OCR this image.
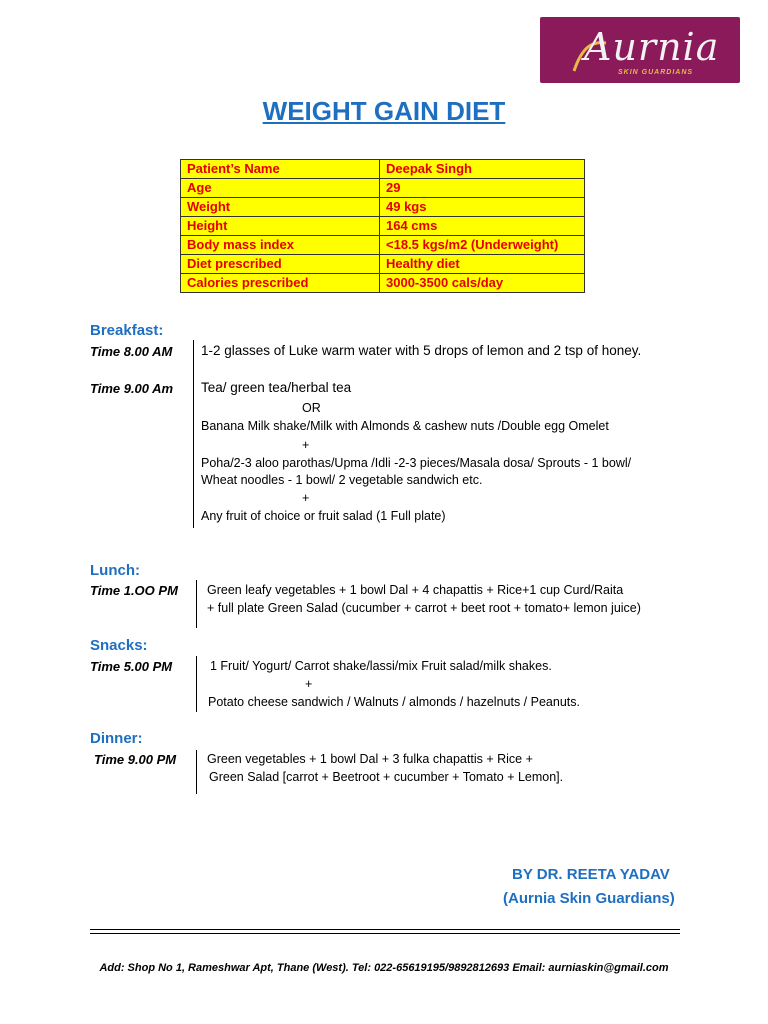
Aurnia
SKIN GUARDIANS
WEIGHT GAIN DIET
Patient’s Name	Deepak Singh
Age	29
Weight	49 kgs
Height	164 cms
Body mass index	<18.5 kgs/m2 (Underweight)
Diet prescribed	Healthy diet
Calories prescribed	3000-3500 cals/day
Breakfast:
Time 8.00 AM 1-2 glasses of Luke warm water with 5 drops of lemon and 2 tsp of honey.
Time 9.00 Am Tea/ green tea/herbal tea
OR
Banana Milk shake/Milk with Almonds & cashew nuts /Double egg Omelet
+
Poha/2-3 aloo parothas/Upma /Idli -2-3 pieces/Masala dosa/ Sprouts - 1 bowl/
Wheat noodles - 1 bowl/ 2 vegetable sandwich etc.
+
Any fruit of choice or fruit salad (1 Full plate)
Lunch:
Time 1.OO PM Green leafy vegetables + 1 bowl Dal + 4 chapattis + Rice+1 cup Curd/Raita
+ full plate Green Salad (cucumber + carrot + beet root + tomato+ lemon juice)
Snacks:
Time 5.00 PM	1 Fruit/ Yogurt/ Carrot shake/lassi/mix Fruit salad/milk shakes.
+
Potato cheese sandwich / Walnuts / almonds / hazelnuts / Peanuts.
Dinner:
Time 9.00 PM Green vegetables + 1 bowl Dal + 3 fulka chapattis + Rice +
Green Salad [carrot + Beetroot + cucumber + Tomato + Lemon].
BY DR. REETA YADAV
(Aurnia Skin Guardians)
Add: Shop No 1, Rameshwar Apt, Thane (West). Tel: 022-65619195/9892812693 Email: aurniaskin@gmail.com
